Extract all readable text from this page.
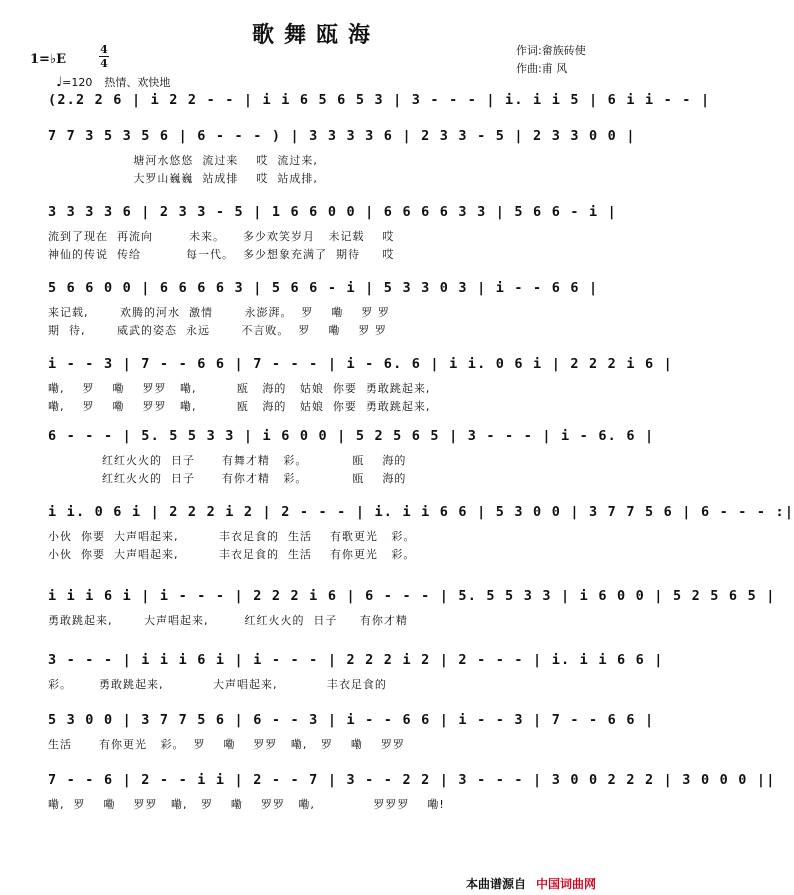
歌舞瓯海
作词:畲族砖使
作曲:甫 风
1=♭E
4
4
♩=120 热情、欢快地
(2.2 2 6 | i 2 2 - - | i i 6 5 6 5 3 | 3 - - - | i. i i 5 | 6 i i - - |
7 7 3 5 3 5 6 | 6 - - - ) | 3 3 3 3 6 | 2 3 3 - 5 | 2 3 3 0 0 |
塘河水悠悠  流过来    哎  流过来,
大罗山巍巍  站成排    哎  站成排,
3 3 3 3 6 | 2 3 3 - 5 | 1 6 6 0 0 | 6 6 6 6 3 3 | 5 6 6 - i |
流到了现在  再流向        未来。    多少欢笑岁月   未记载    哎
神仙的传说  传给          每一代。  多少想象充满了  期待     哎
5 6 6 0 0 | 6 6 6 6 3 | 5 6 6 - i | 5 3 3 0 3 | i - - 6 6 |
来记载,       欢腾的河水  激情       永澎湃。  罗    嘞    罗 罗
期  待,       威武的姿态  永远       不言败。  罗    嘞    罗 罗
i - - 3 | 7 - - 6 6 | 7 - - - | i - 6. 6 | i i. 0 6 i | 2 2 2 i 6 |
嘞,    罗    嘞    罗罗   嘞,         瓯   海的   姑娘  你要  勇敢跳起来,
嘞,    罗    嘞    罗罗   嘞,         瓯   海的   姑娘  你要  勇敢跳起来,
6 - - - | 5. 5 5 3 3 | i 6 0 0 | 5 2 5 6 5 | 3 - - - | i - 6. 6 |
红红火火的  日子      有舞才精   彩。          瓯    海的
红红火火的  日子      有你才精   彩。          瓯    海的
i i. 0 6 i | 2 2 2 i 2 | 2 - - - | i. i i 6 6 | 5 3 0 0 | 3 7 7 5 6 | 6 - - - :|
小伙  你要  大声唱起来,         丰衣足食的  生活    有歌更光   彩。
小伙  你要  大声唱起来,         丰衣足食的  生活    有你更光   彩。
i i i 6 i | i - - - | 2 2 2 i 6 | 6 - - - | 5. 5 5 3 3 | i 6 0 0 | 5 2 5 6 5 |
勇敢跳起来,       大声唱起来,        红红火火的  日子     有你才精
3 - - - | i i i 6 i | i - - - | 2 2 2 i 2 | 2 - - - | i. i i 6 6 |
彩。      勇敢跳起来,           大声唱起来,           丰衣足食的
5 3 0 0 | 3 7 7 5 6 | 6 - - 3 | i - - 6 6 | i - - 3 | 7 - - 6 6 |
生活      有你更光   彩。  罗    嘞    罗罗   嘞,   罗    嘞    罗罗
7 - - 6 | 2 - - i i | 2 - - 7 | 3 - - 2 2 | 3 - - - | 3 0 0 2 2 2 | 3 0 0 0 ||
嘞,  罗    嘞    罗罗   嘞,   罗    嘞    罗罗   嘞,             罗罗罗    嘞!
本曲谱源自 中国词曲网
